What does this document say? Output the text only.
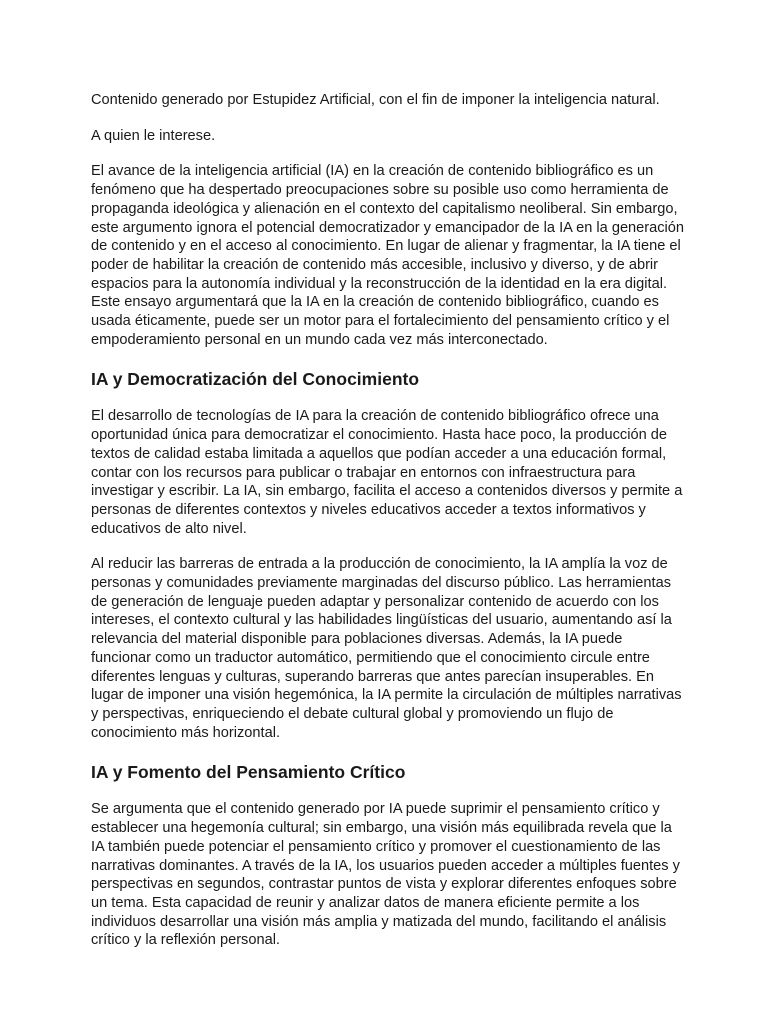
Contenido generado por Estupidez Artificial, con el fin de imponer la inteligencia natural.

A quien le interese.

El avance de la inteligencia artificial (IA) en la creación de contenido bibliográfico es un fenómeno que ha despertado preocupaciones sobre su posible uso como herramienta de propaganda ideológica y alienación en el contexto del capitalismo neoliberal. Sin embargo, este argumento ignora el potencial democratizador y emancipador de la IA en la generación de contenido y en el acceso al conocimiento. En lugar de alienar y fragmentar, la IA tiene el poder de habilitar la creación de contenido más accesible, inclusivo y diverso, y de abrir espacios para la autonomía individual y la reconstrucción de la identidad en la era digital. Este ensayo argumentará que la IA en la creación de contenido bibliográfico, cuando es usada éticamente, puede ser un motor para el fortalecimiento del pensamiento crítico y el empoderamiento personal en un mundo cada vez más interconectado.

IA y Democratización del Conocimiento

El desarrollo de tecnologías de IA para la creación de contenido bibliográfico ofrece una oportunidad única para democratizar el conocimiento. Hasta hace poco, la producción de textos de calidad estaba limitada a aquellos que podían acceder a una educación formal, contar con los recursos para publicar o trabajar en entornos con infraestructura para investigar y escribir. La IA, sin embargo, facilita el acceso a contenidos diversos y permite a personas de diferentes contextos y niveles educativos acceder a textos informativos y educativos de alto nivel.

Al reducir las barreras de entrada a la producción de conocimiento, la IA amplía la voz de personas y comunidades previamente marginadas del discurso público. Las herramientas de generación de lenguaje pueden adaptar y personalizar contenido de acuerdo con los intereses, el contexto cultural y las habilidades lingüísticas del usuario, aumentando así la relevancia del material disponible para poblaciones diversas. Además, la IA puede funcionar como un traductor automático, permitiendo que el conocimiento circule entre diferentes lenguas y culturas, superando barreras que antes parecían insuperables. En lugar de imponer una visión hegemónica, la IA permite la circulación de múltiples narrativas y perspectivas, enriqueciendo el debate cultural global y promoviendo un flujo de conocimiento más horizontal.

IA y Fomento del Pensamiento Crítico

Se argumenta que el contenido generado por IA puede suprimir el pensamiento crítico y establecer una hegemonía cultural; sin embargo, una visión más equilibrada revela que la IA también puede potenciar el pensamiento crítico y promover el cuestionamiento de las narrativas dominantes. A través de la IA, los usuarios pueden acceder a múltiples fuentes y perspectivas en segundos, contrastar puntos de vista y explorar diferentes enfoques sobre un tema. Esta capacidad de reunir y analizar datos de manera eficiente permite a los individuos desarrollar una visión más amplia y matizada del mundo, facilitando el análisis crítico y la reflexión personal.
